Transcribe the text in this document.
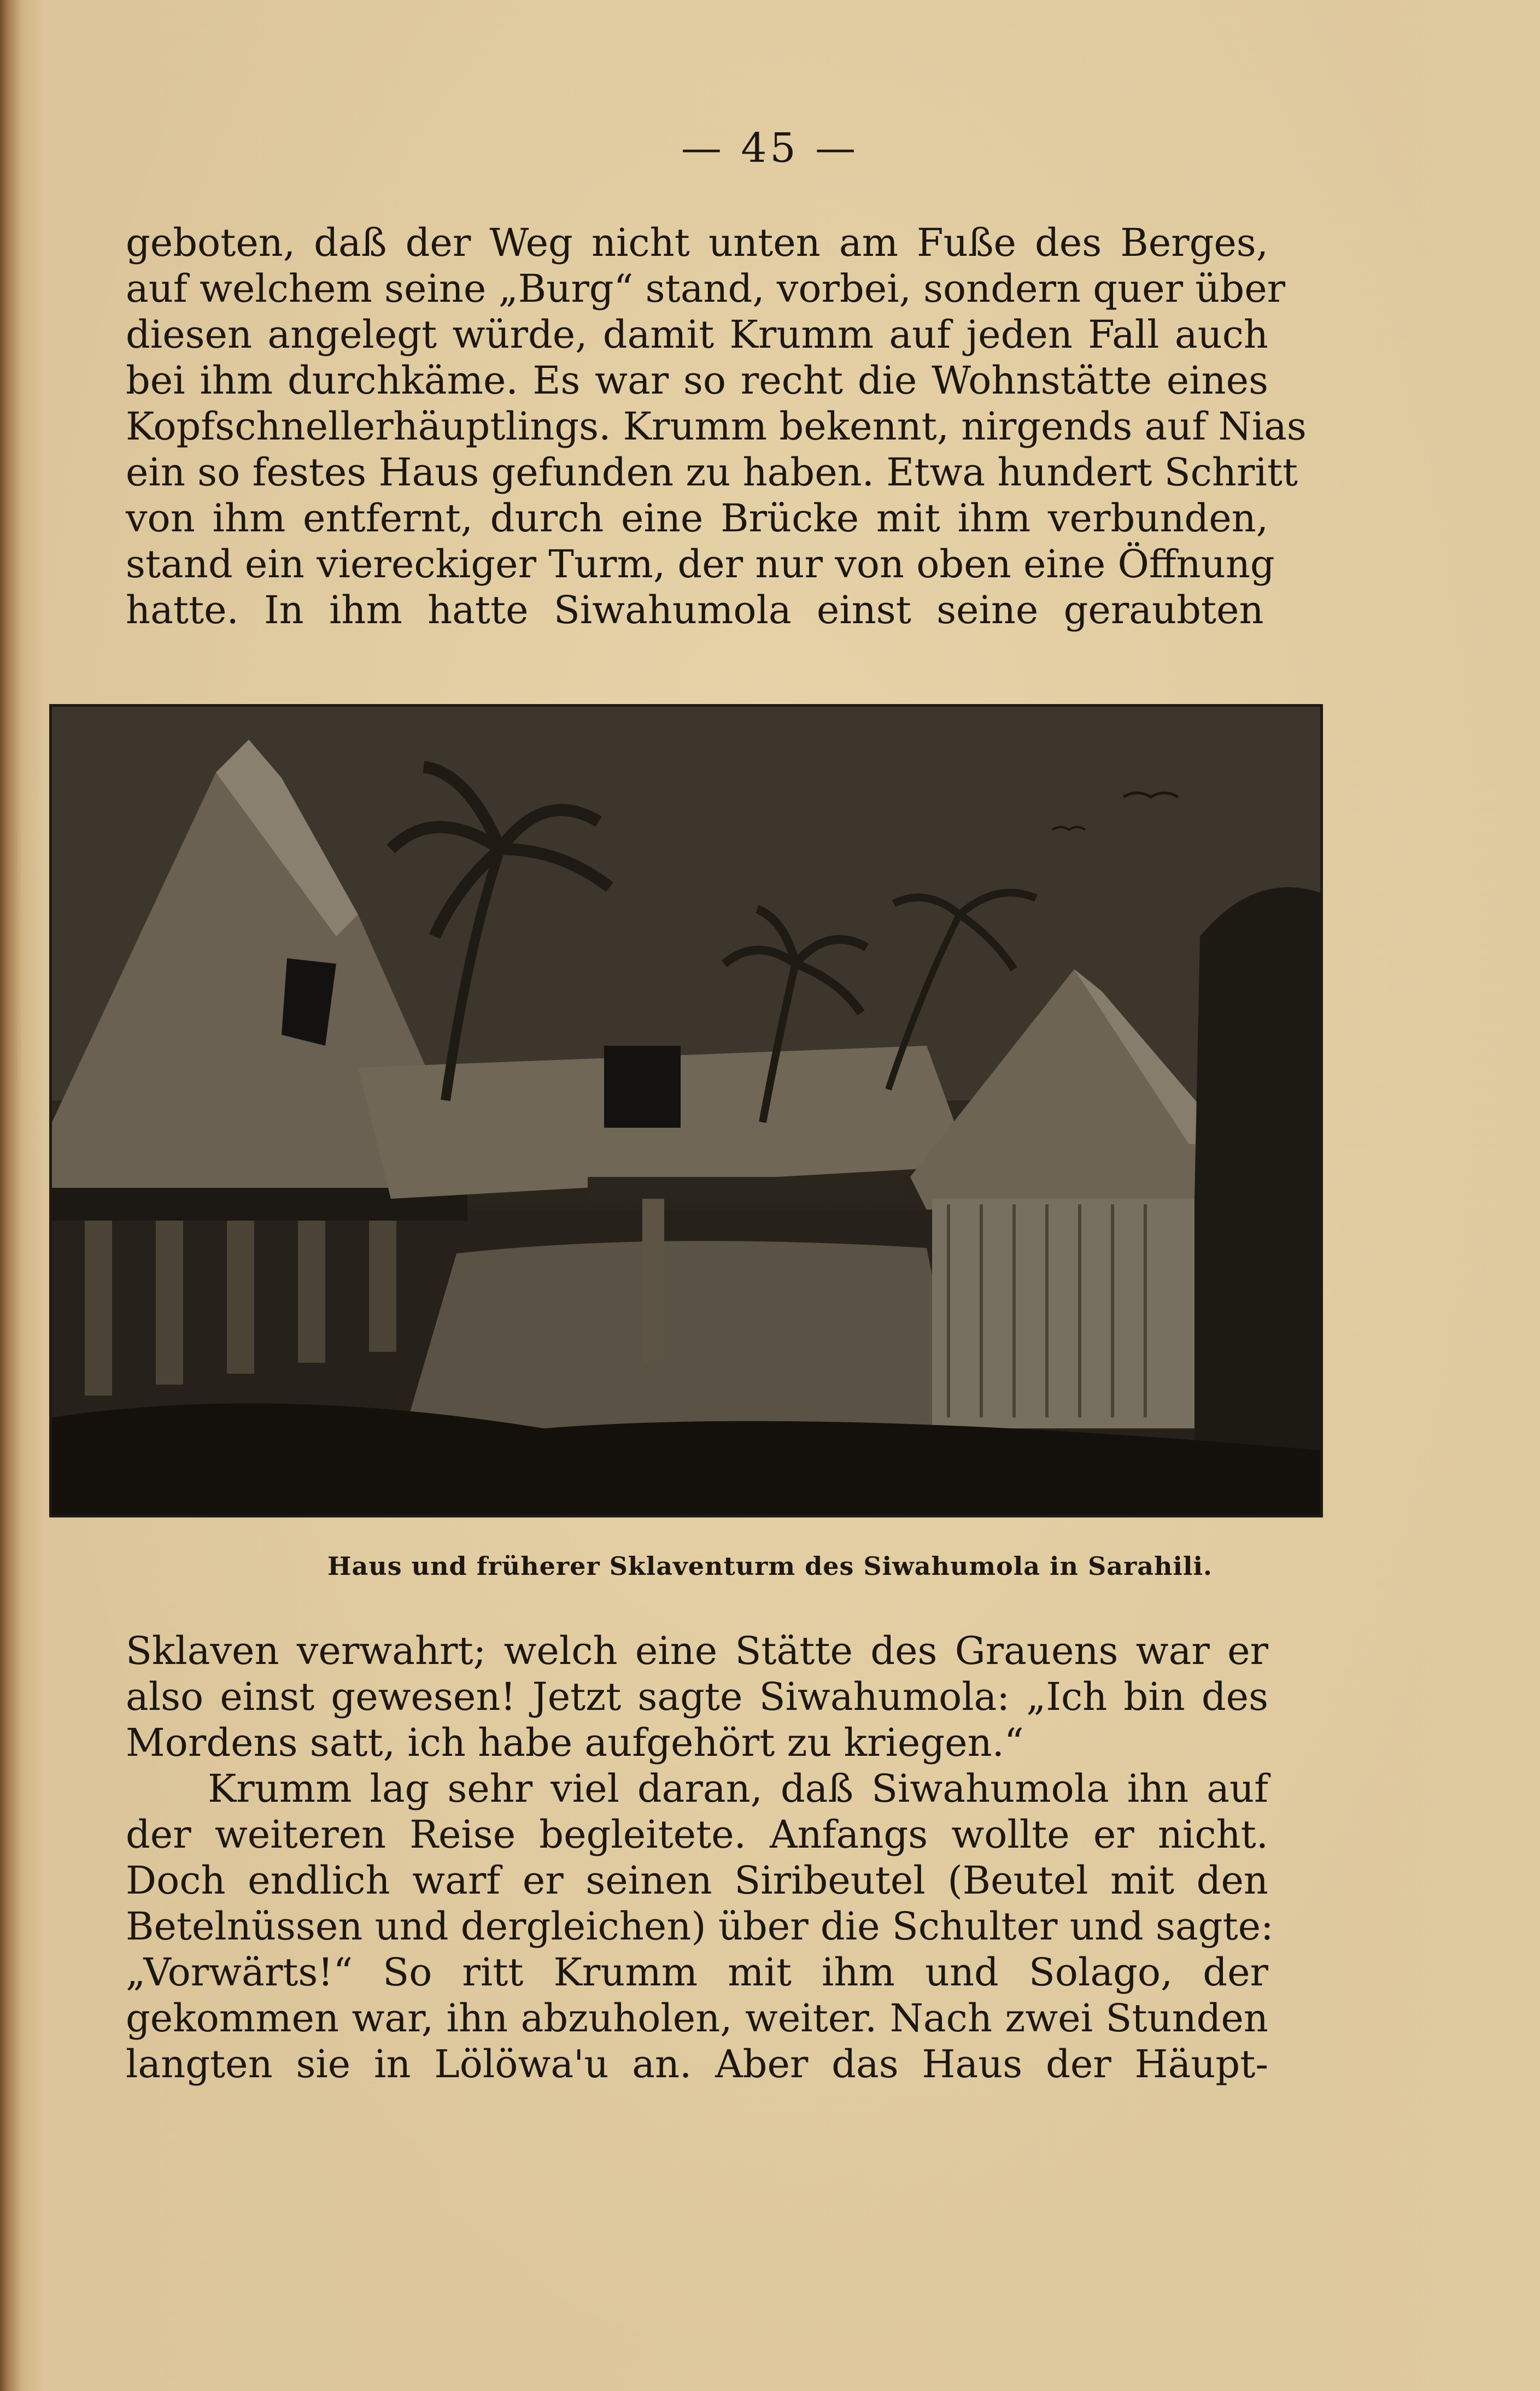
— 45 —
geboten, daß der Weg nicht unten am Fuße des Berges,
auf welchem seine „Burg“ stand, vorbei, sondern quer über
diesen angelegt würde, damit Krumm auf jeden Fall auch
bei ihm durchkäme. Es war so recht die Wohnstätte eines
Kopfschnellerhäuptlings. Krumm bekennt, nirgends auf Nias
ein so festes Haus gefunden zu haben. Etwa hundert Schritt
von ihm entfernt, durch eine Brücke mit ihm verbunden,
stand ein viereckiger Turm, der nur von oben eine Öffnung
hatte. In ihm hatte Siwahumola einst seine geraubten
Haus und früherer Sklaventurm des Siwahumola in Sarahili.
Sklaven verwahrt; welch eine Stätte des Grauens war er
also einst gewesen! Jetzt sagte Siwahumola: „Ich bin des
Mordens satt, ich habe aufgehört zu kriegen.“
Krumm lag sehr viel daran, daß Siwahumola ihn auf
der weiteren Reise begleitete. Anfangs wollte er nicht.
Doch endlich warf er seinen Siribeutel (Beutel mit den
Betelnüssen und dergleichen) über die Schulter und sagte:
„Vorwärts!“ So ritt Krumm mit ihm und Solago, der
gekommen war, ihn abzuholen, weiter. Nach zwei Stunden
langten sie in Lölöwa'u an. Aber das Haus der Häupt-
